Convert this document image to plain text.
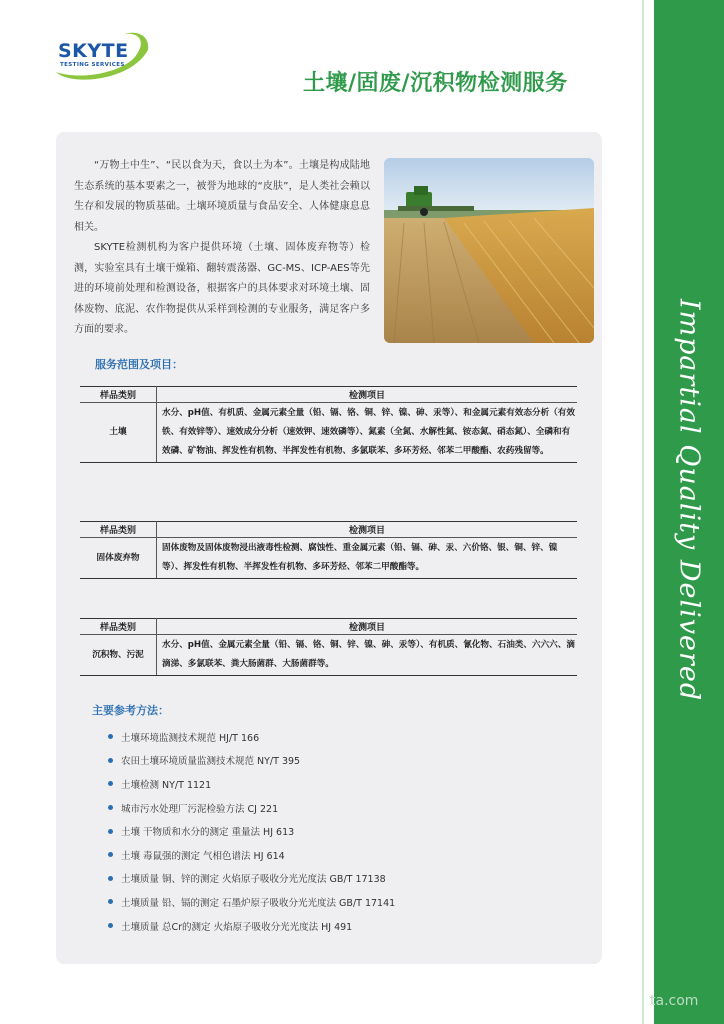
Impartial Quality Delivered
ta.com
SKYTE
TESTING SERVICES
土壤/固废/沉积物检测服务

“万物土中生”、“民以食为天，食以土为本”。土壤是构成陆地生态系统的基本要素之一，被誉为地球的“皮肤”，是人类社会赖以生存和发展的物质基础。土壤环境质量与食品安全、人体健康息息相关。

SKYTE检测机构为客户提供环境（土壤、固体废弃物等）检测，实验室具有土壤干燥箱、翻转震荡器、GC-MS、ICP-AES等先进的环境前处理和检测设备，根据客户的具体要求对环境土壤、固体废物、底泥、农作物提供从采样到检测的专业服务，满足客户多方面的要求。

服务范围及项目：
样品类别	检测项目
土壤	水分、pH值、有机质、金属元素全量（铅、镉、铬、铜、锌、镍、砷、汞等）、和金属元素有效态分析（有效铁、有效锌等）、速效成分分析（速效钾、速效磷等）、氮素（全氮、水解性氮、铵态氮、硝态氮）、全磷和有效磷、矿物油、挥发性有机物、半挥发性有机物、多氯联苯、多环芳烃、邻苯二甲酸酯、农药残留等。
样品类别	检测项目
固体废弃物	固体废物及固体废物浸出液毒性检测、腐蚀性、重金属元素（铅、镉、砷、汞、六价铬、银、铜、锌、镍等）、挥发性有机物、半挥发性有机物、多环芳烃、邻苯二甲酸酯等。
样品类别	检测项目
沉积物、污泥	水分、pH值、金属元素全量（铅、镉、铬、铜、锌、镍、砷、汞等）、有机质、氰化物、石油类、六六六、滴滴涕、多氯联苯、粪大肠菌群、大肠菌群等。
主要参考方法：
土壤环境监测技术规范 HJ/T 166
农田土壤环境质量监测技术规范 NY/T 395
土壤检测 NY/T 1121
城市污水处理厂污泥检验方法 CJ 221
土壤 干物质和水分的测定 重量法 HJ 613
土壤 毒鼠强的测定 气相色谱法 HJ 614
土壤质量 铜、锌的测定 火焰原子吸收分光光度法 GB/T 17138
土壤质量 铅、镉的测定 石墨炉原子吸收分光光度法 GB/T 17141
土壤质量 总Cr的测定 火焰原子吸收分光光度法 HJ 491
